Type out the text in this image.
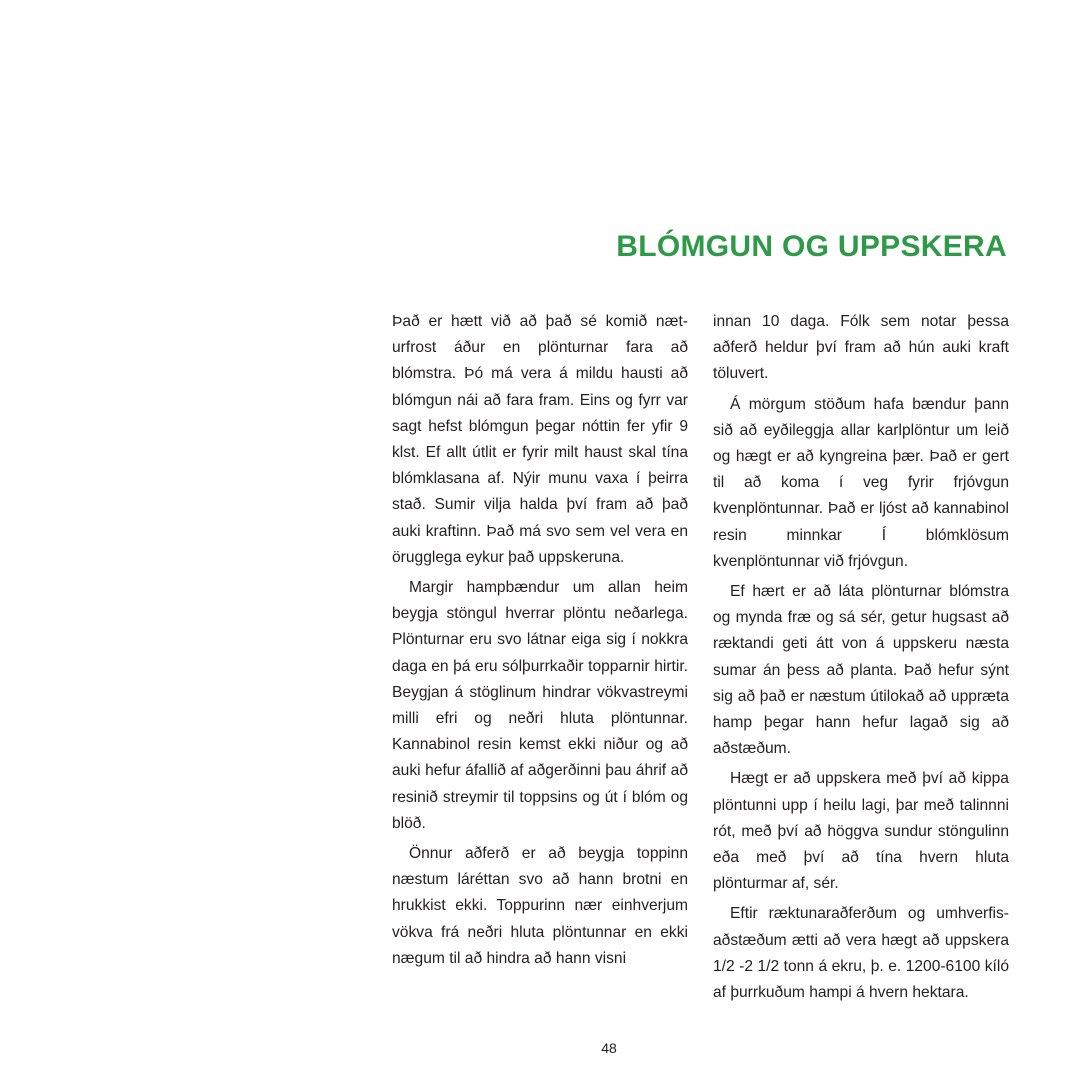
BLÓMGUN OG UPPSKERA

Það er hætt við að það sé komið næturfrost áður en plönturnar fara að blómstra. Þó má vera á mildu hausti að blómgun nái að fara fram. Eins og fyrr var sagt hefst blómgun þegar nóttin fer yfir 9 klst. Ef allt útlit er fyrir milt haust skal tína blómklasana af. Nýir munu vaxa í þeirra stað. Sumir vilja halda því fram að það auki kraftinn. Það má svo sem vel vera en örugglega eykur það uppskeruna.

Margir hampbændur um allan heim beygja stöngul hverrar plöntu neðarlega. Plönturnar eru svo látnar eiga sig í nokkra daga en þá eru sólþurrkaðir topparnir hirtir. Beygjan á stöglinum hindrar vökvastreymi milli efri og neðri hluta plöntunnar. Kannabinol resin kemst ekki niður og að auki hefur áfallið af aðgerðinni þau áhrif að resinið streymir til toppsins og út í blóm og blöð.

Önnur aðferð er að beygja toppinn næstum láréttan svo að hann brotni en hrukkist ekki. Toppurinn nær einhverjum vökva frá neðri hluta plöntunnar en ekki nægum til að hindra að hann visni

innan 10 daga. Fólk sem notar þessa aðferð heldur því fram að hún auki kraft töluvert.

Á mörgum stöðum hafa bændur þann sið að eyðileggja allar karlplöntur um leið og hægt er að kyngreina þær. Það er gert til að koma í veg fyrir frjóvgun kvenplöntunnar. Það er ljóst að kannabinol resin minnkar Í blómklösum kvenplöntunnar við frjóvgun.

Ef hært er að láta plönturnar blómstra og mynda fræ og sá sér, getur hugsast að ræktandi geti átt von á uppskeru næsta sumar án þess að planta. Það hefur sýnt sig að það er næstum útilokað að uppræta hamp þegar hann hefur lagað sig að aðstæðum.

Hægt er að uppskera með því að kippa plöntunni upp í heilu lagi, þar með talinnni rót, með því að höggva sundur stöngulinn eða með því að tína hvern hluta plönturmar af, sér.

Eftir ræktunaraðferðum og umhverfisaðstæðum ætti að vera hægt að uppskera 1/2 -2 1/2 tonn á ekru, þ. e. 1200-6100 kíló af þurrkuðum hampi á hvern hektara.

48
